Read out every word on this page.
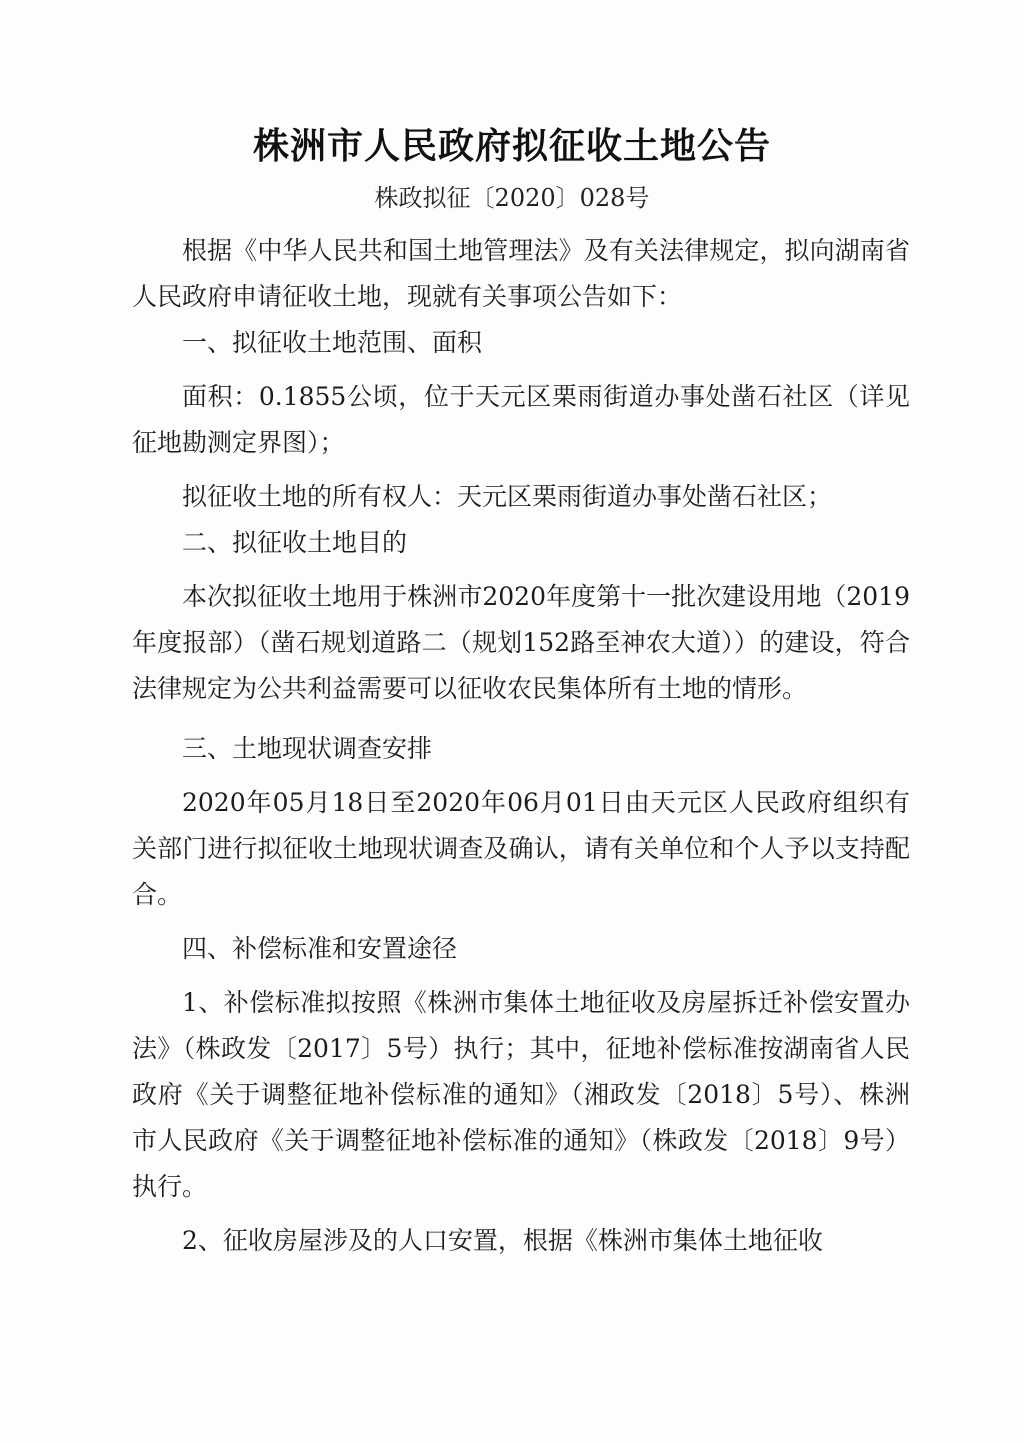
株洲市人民政府拟征收土地公告
株政拟征〔2020〕028号

根据《中华人民共和国土地管理法》及有关法律规定，拟向湖南省人民政府申请征收土地，现就有关事项公告如下：

一、拟征收土地范围、面积

面积：0.1855公顷，位于天元区栗雨街道办事处凿石社区（详见征地勘测定界图）；

拟征收土地的所有权人：天元区栗雨街道办事处凿石社区；

二、拟征收土地目的

本次拟征收土地用于株洲市2020年度第十一批次建设用地（2019年度报部）（凿石规划道路二（规划152路至神农大道））的建设，符合法律规定为公共利益需要可以征收农民集体所有土地的情形。

三、土地现状调查安排

2020年05月18日至2020年06月01日由天元区人民政府组织有关部门进行拟征收土地现状调查及确认，请有关单位和个人予以支持配合。

四、补偿标准和安置途径

1、补偿标准拟按照《株洲市集体土地征收及房屋拆迁补偿安置办法》（株政发〔2017〕5号）执行；其中，征地补偿标准按湖南省人民政府《关于调整征地补偿标准的通知》（湘政发〔2018〕5号）、株洲市人民政府《关于调整征地补偿标准的通知》（株政发〔2018〕9号）执行。

2、征收房屋涉及的人口安置，根据《株洲市集体土地征收
